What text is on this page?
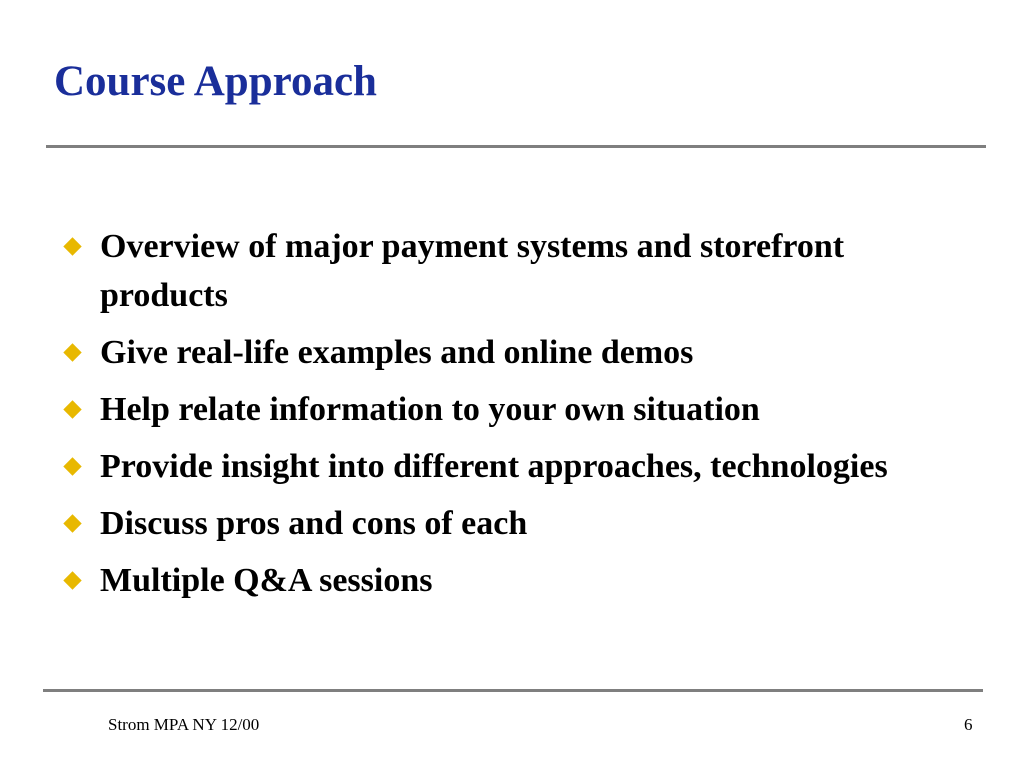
Course Approach
Overview of major payment systems and storefront products
Give real-life examples and online demos
Help relate information to your own situation
Provide insight into different approaches, technologies
Discuss pros and cons of each
Multiple Q&A sessions
Strom MPA NY 12/00	6
